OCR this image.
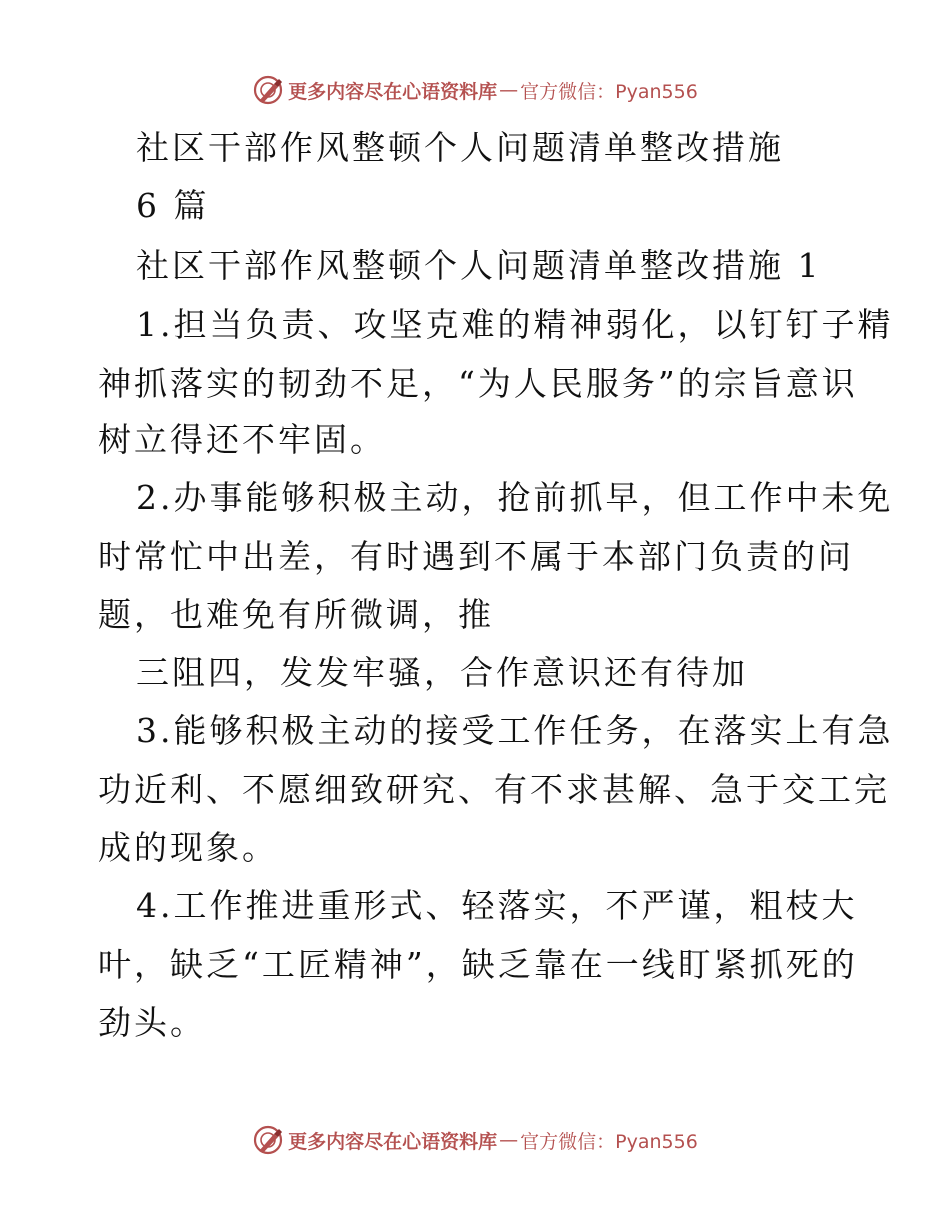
更多内容尽在心语资料库 — 官方微信：Pyan556
社区干部作风整顿个人问题清单整改措施
6 篇
社区干部作风整顿个人问题清单整改措施 1
1.担当负责、攻坚克难的精神弱化，以钉钉子精
神抓落实的韧劲不足，“为人民服务”的宗旨意识
树立得还不牢固。
2.办事能够积极主动，抢前抓早，但工作中未免
时常忙中出差，有时遇到不属于本部门负责的问
题，也难免有所微调，推
三阻四，发发牢骚，合作意识还有待加
3.能够积极主动的接受工作任务，在落实上有急
功近利、不愿细致研究、有不求甚解、急于交工完
成的现象。
4.工作推进重形式、轻落实，不严谨，粗枝大
叶，缺乏“工匠精神”，缺乏靠在一线盯紧抓死的
劲头。
更多内容尽在心语资料库 — 官方微信：Pyan556
